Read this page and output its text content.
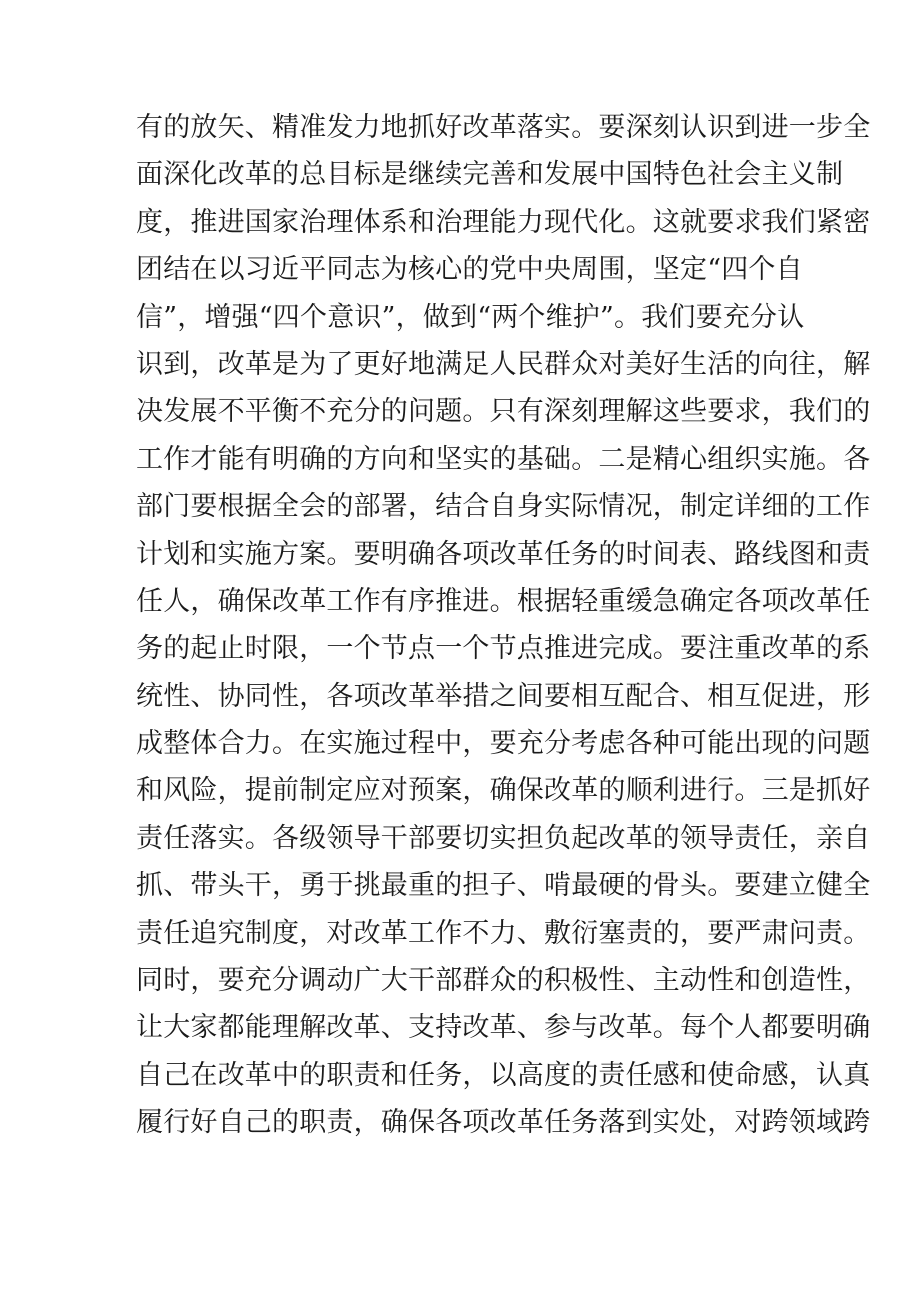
有的放矢、精准发力地抓好改革落实。要深刻认识到进一步全
面深化改革的总目标是继续完善和发展中国特色社会主义制
度，推进国家治理体系和治理能力现代化。这就要求我们紧密
团结在以习近平同志为核心的党中央周围，坚定“四个自
信”，增强“四个意识”，做到“两个维护”。我们要充分认
识到，改革是为了更好地满足人民群众对美好生活的向往，解
决发展不平衡不充分的问题。只有深刻理解这些要求，我们的
工作才能有明确的方向和坚实的基础。二是精心组织实施。各
部门要根据全会的部署，结合自身实际情况，制定详细的工作
计划和实施方案。要明确各项改革任务的时间表、路线图和责
任人，确保改革工作有序推进。根据轻重缓急确定各项改革任
务的起止时限，一个节点一个节点推进完成。要注重改革的系
统性、协同性，各项改革举措之间要相互配合、相互促进，形
成整体合力。在实施过程中，要充分考虑各种可能出现的问题
和风险，提前制定应对预案，确保改革的顺利进行。三是抓好
责任落实。各级领导干部要切实担负起改革的领导责任，亲自
抓、带头干，勇于挑最重的担子、啃最硬的骨头。要建立健全
责任追究制度，对改革工作不力、敷衍塞责的，要严肃问责。
同时，要充分调动广大干部群众的积极性、主动性和创造性，
让大家都能理解改革、支持改革、参与改革。每个人都要明确
自己在改革中的职责和任务，以高度的责任感和使命感，认真
履行好自己的职责，确保各项改革任务落到实处，对跨领域跨
